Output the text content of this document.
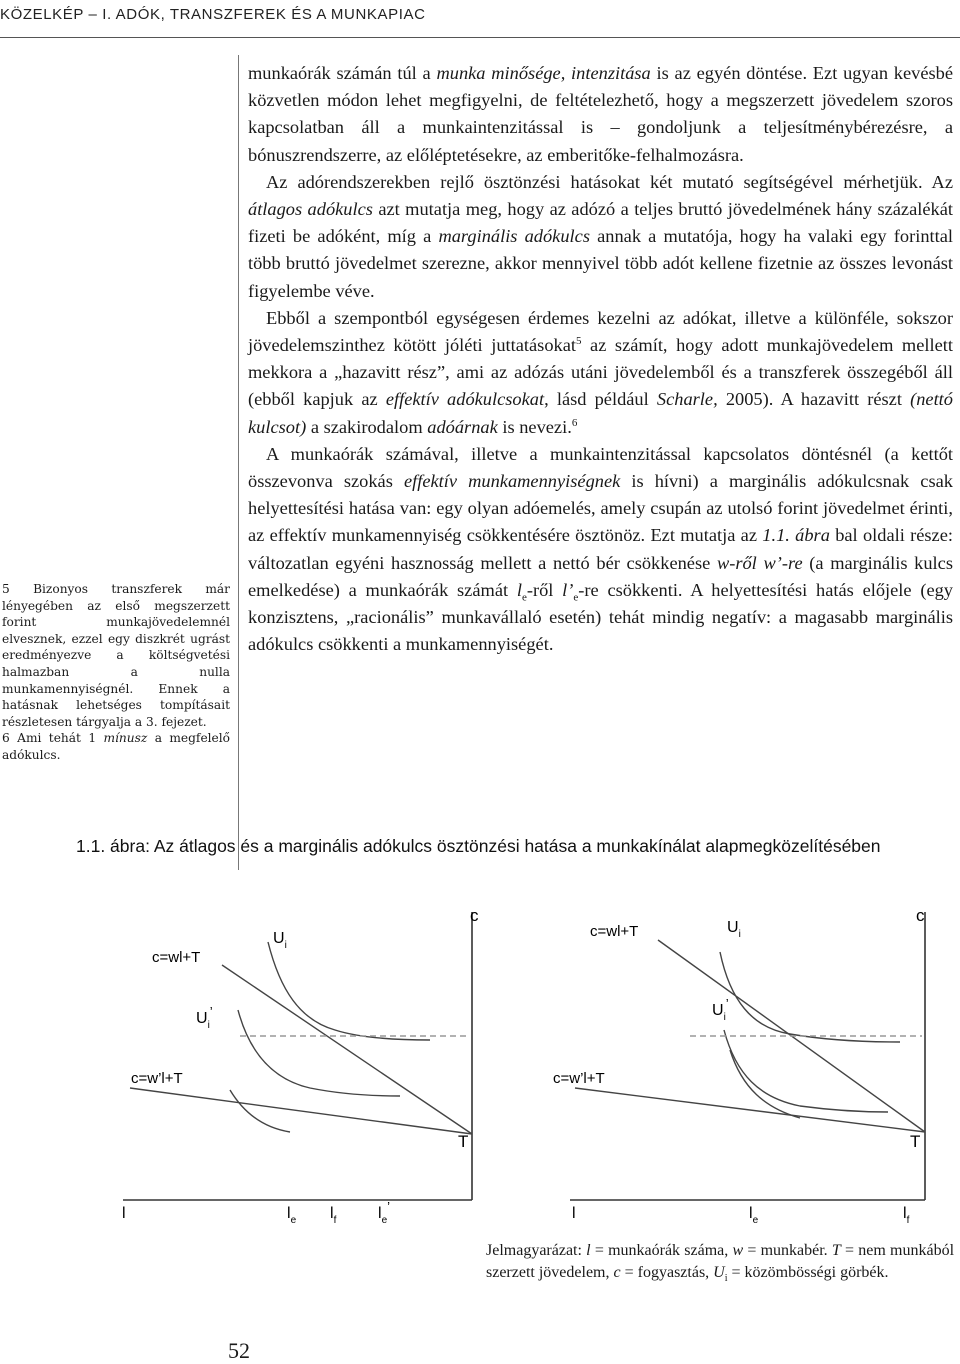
KÖZELKÉP – I. ADÓK, TRANSZFEREK ÉS A MUNKAPIAC

5 Bizonyos transzferek már lényegében az első megszerzett forint munkajövedelemnél elvesznek, ezzel egy diszkrét ugrást eredményezve a költségvetési halmazban a nulla munkamennyiségnél. Ennek a hatásnak lehetséges tompításait részletesen tárgyalja a 3. fejezet.

6 Ami tehát 1 mínusz a megfelelő adókulcs.

munkaórák számán túl a munka minősége, intenzitása is az egyén döntése. Ezt ugyan kevésbé közvetlen módon lehet megfigyelni, de feltételezhető, hogy a megszerzett jövedelem szoros kapcsolatban áll a munkaintenzitással is – gondoljunk a teljesítménybérezésre, a bónuszrendszerre, az előléptetésekre, az emberitőke-felhalmozásra.

Az adórendszerekben rejlő ösztönzési hatásokat két mutató segítségével mérhetjük. Az átlagos adókulcs azt mutatja meg, hogy az adózó a teljes bruttó jövedelmének hány százalékát fizeti be adóként, míg a marginális adókulcs annak a mutatója, hogy ha valaki egy forinttal több bruttó jövedelmet szerezne, akkor mennyivel több adót kellene fizetnie az összes levonást figyelembe véve.

Ebből a szempontból egységesen érdemes kezelni az adókat, illetve a különféle, sokszor jövedelemszinthez kötött jóléti juttatásokat$^5$ az számít, hogy adott munkajövedelem mellett mekkora a „hazavitt rész”, ami az adózás utáni jövedelemből és a transzferek összegéből áll (ebből kapjuk az effektív adókulcsokat, lásd például Scharle, 2005). A hazavitt részt (nettó kulcsot) a szakirodalom adóárnak is nevezi.$^6$

A munkaórák számával, illetve a munkaintenzitással kapcsolatos döntésnél (a kettőt összevonva szokás effektív munkamennyiségnek is hívni) a marginális adókulcsnak csak helyettesítési hatása van: egy olyan adóemelés, amely csupán az utolsó forint jövedelmet érinti, az effektív munkamennyiség csökkentésére ösztönöz. Ezt mutatja az 1.1. ábra bal oldali része: változatlan egyéni hasznosság mellett a nettó bér csökkenése w-ről w’-re (a marginális kulcs emelkedése) a munkaórák számát $l_e$-ről $l’_e-re$ csökkenti. A helyettesítési hatás előjele (egy konzisztens, „racionális” munkavállaló esetén) tehát mindig negatív: a magasabb marginális adókulcs csökkenti a munkamennyiségét.

1.1. ábra: Az átlagos és a marginális adókulcs ösztönzési hatása a munkakínálat alapmegközelítésében
c=wl+T
$U_i$
$U_i^’$
c=w’l+T
c
T
l	$l_e$ $l_f$	$l_e^’$
c=wl+T	$U_i$
$U_i^’$
c=w’l+T
c
T
l	$l_e$	$l_f$
Jelmagyarázat: l = munkaórák száma, w = munkabér. T = nem munkából szerzett jövedelem, c = fogyasztás, $U_i$ = közömbösségi görbék.
52
